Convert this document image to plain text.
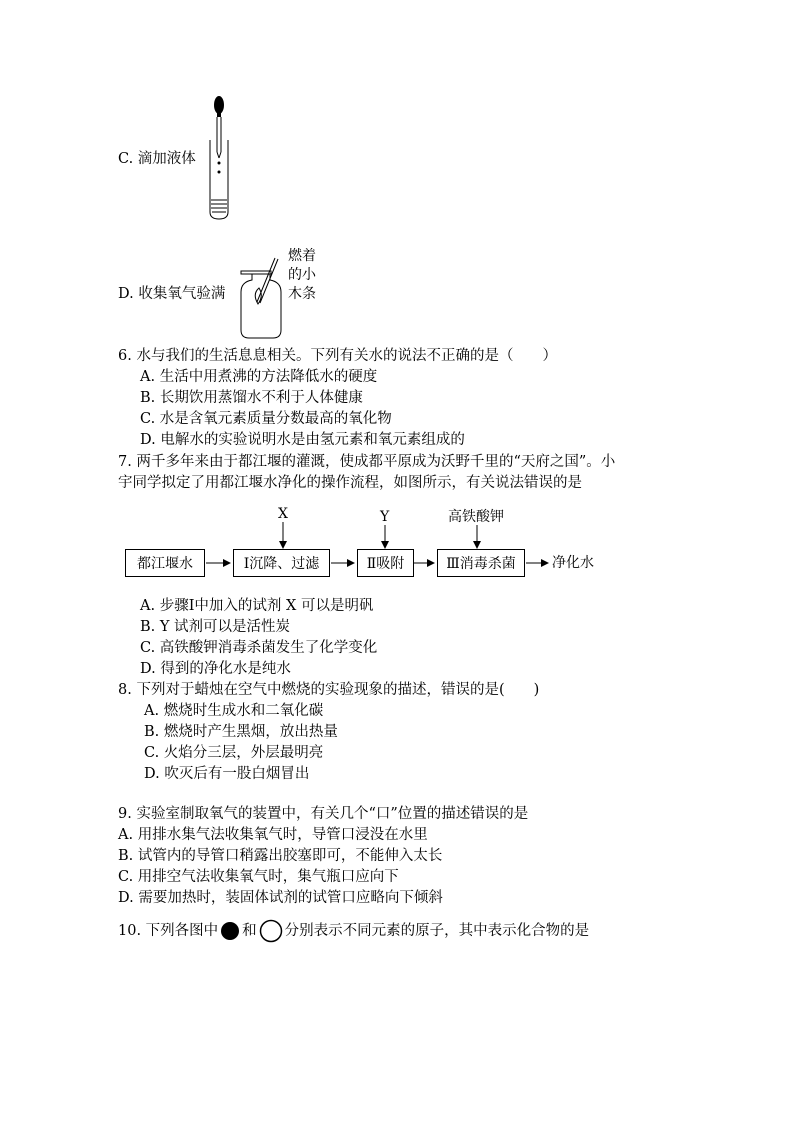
C. 滴加液体
D. 收集氧气验满
燃着
的小
木条
6. 水与我们的生活息息相关。下列有关水的说法不正确的是（　　）
A. 生活中用煮沸的方法降低水的硬度
B. 长期饮用蒸馏水不利于人体健康
C. 水是含氧元素质量分数最高的氧化物
D. 电解水的实验说明水是由氢元素和氧元素组成的
7. 两千多年来由于都江堰的灌溉，使成都平原成为沃野千里的“天府之国”。小
宇同学拟定了用都江堰水净化的操作流程，如图所示，有关说法错误的是
X	Y	高铁酸钾
都江堰水	Ⅰ沉降、过滤	Ⅱ吸附	Ⅲ消毒杀菌	净化水
A. 步骤Ⅰ中加入的试剂 X 可以是明矾
B. Y 试剂可以是活性炭
C. 高铁酸钾消毒杀菌发生了化学变化
D. 得到的净化水是纯水
8. 下列对于蜡烛在空气中燃烧的实验现象的描述，错误的是(　　)
A. 燃烧时生成水和二氧化碳
B. 燃烧时产生黑烟，放出热量
C. 火焰分三层，外层最明亮
D. 吹灭后有一股白烟冒出
9. 实验室制取氧气的装置中，有关几个“口”位置的描述错误的是
A. 用排水集气法收集氧气时，导管口浸没在水里
B. 试管内的导管口稍露出胶塞即可，不能伸入太长
C. 用排空气法收集氧气时，集气瓶口应向下
D. 需要加热时，装固体试剂的试管口应略向下倾斜
10. 下列各图中 和 分别表示不同元素的原子，其中表示化合物的是
